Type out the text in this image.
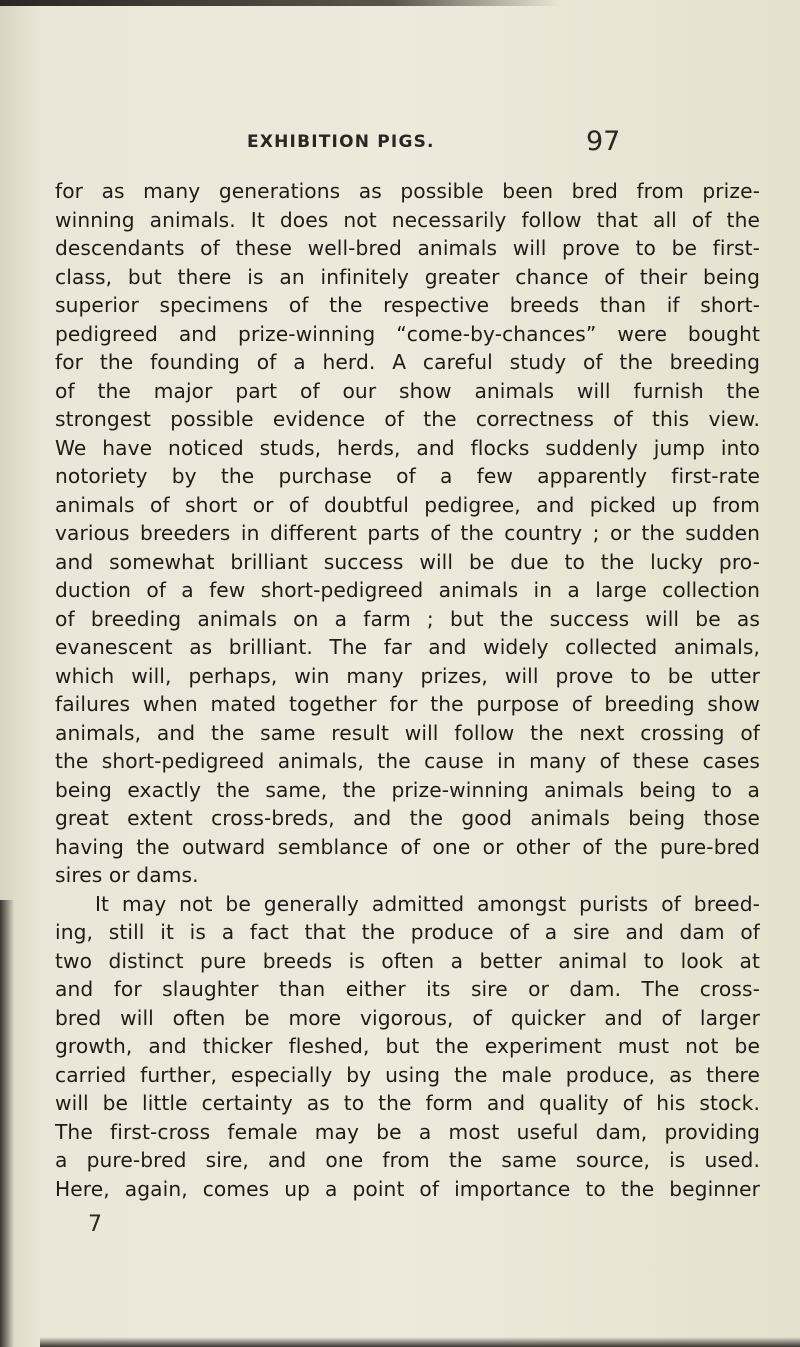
EXHIBITION PIGS.	97
for as many generations as possible been bred from prize-
winning animals. It does not necessarily follow that all of the
descendants of these well-bred animals will prove to be first-
class, but there is an infinitely greater chance of their being
superior specimens of the respective breeds than if short-
pedigreed and prize-winning “come-by-chances” were bought
for the founding of a herd. A careful study of the breeding
of the major part of our show animals will furnish the
strongest possible evidence of the correctness of this view.
We have noticed studs, herds, and flocks suddenly jump into
notoriety by the purchase of a few apparently first-rate
animals of short or of doubtful pedigree, and picked up from
various breeders in different parts of the country ; or the sudden
and somewhat brilliant success will be due to the lucky pro-
duction of a few short-pedigreed animals in a large collection
of breeding animals on a farm ; but the success will be as
evanescent as brilliant. The far and widely collected animals,
which will, perhaps, win many prizes, will prove to be utter
failures when mated together for the purpose of breeding show
animals, and the same result will follow the next crossing of
the short-pedigreed animals, the cause in many of these cases
being exactly the same, the prize-winning animals being to a
great extent cross-breds, and the good animals being those
having the outward semblance of one or other of the pure-bred
sires or dams.
It may not be generally admitted amongst purists of breed-
ing, still it is a fact that the produce of a sire and dam of
two distinct pure breeds is often a better animal to look at
and for slaughter than either its sire or dam. The cross-
bred will often be more vigorous, of quicker and of larger
growth, and thicker fleshed, but the experiment must not be
carried further, especially by using the male produce, as there
will be little certainty as to the form and quality of his stock.
The first-cross female may be a most useful dam, providing
a pure-bred sire, and one from the same source, is used.
Here, again, comes up a point of importance to the beginner
7
